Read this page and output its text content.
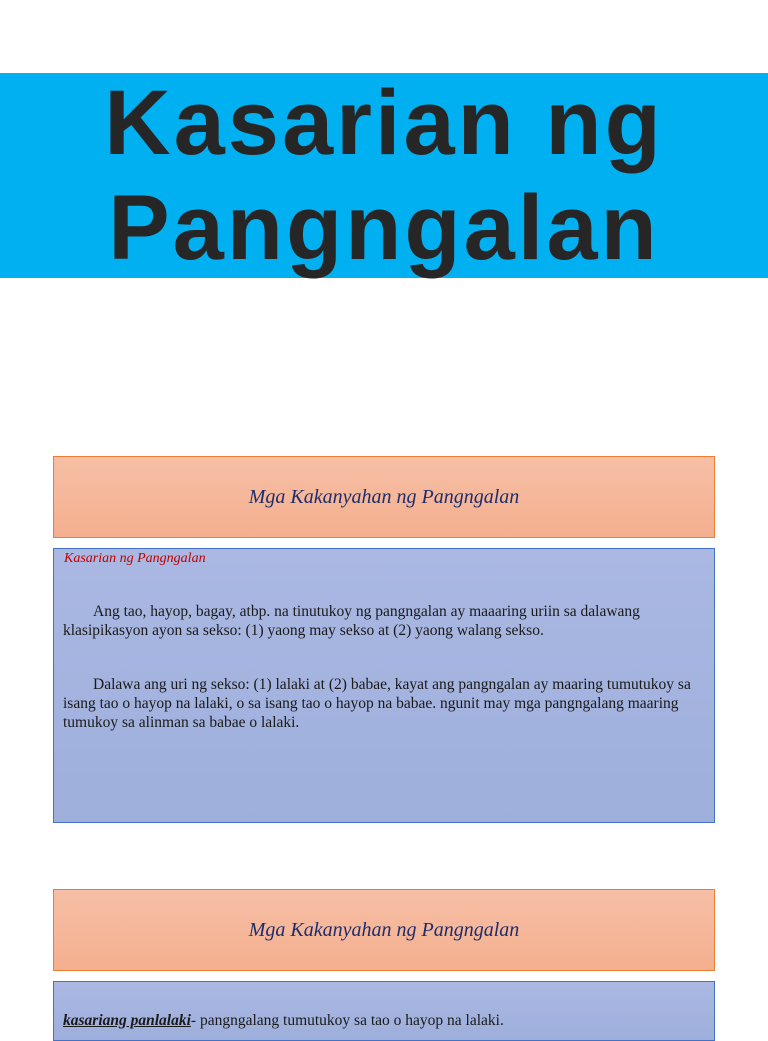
Kasarian ng
Pangngalan
Mga Kakanyahan ng Pangngalan
Kasarian ng Pangngalan
Ang tao, hayop, bagay, atbp. na tinutukoy ng pangngalan ay maaaring uriin sa dalawang klasipikasyon ayon sa sekso: (1) yaong may sekso at (2) yaong walang sekso.
Dalawa ang uri ng sekso: (1) lalaki at (2) babae, kayat ang pangngalan ay maaring tumutukoy sa isang tao o hayop na lalaki, o sa isang tao o hayop na babae. ngunit may mga pangngalang maaring tumukoy sa alinman sa babae o lalaki.
Mga Kakanyahan ng Pangngalan
kasariang panlalaki- pangngalang tumutukoy sa tao o hayop na lalaki.
